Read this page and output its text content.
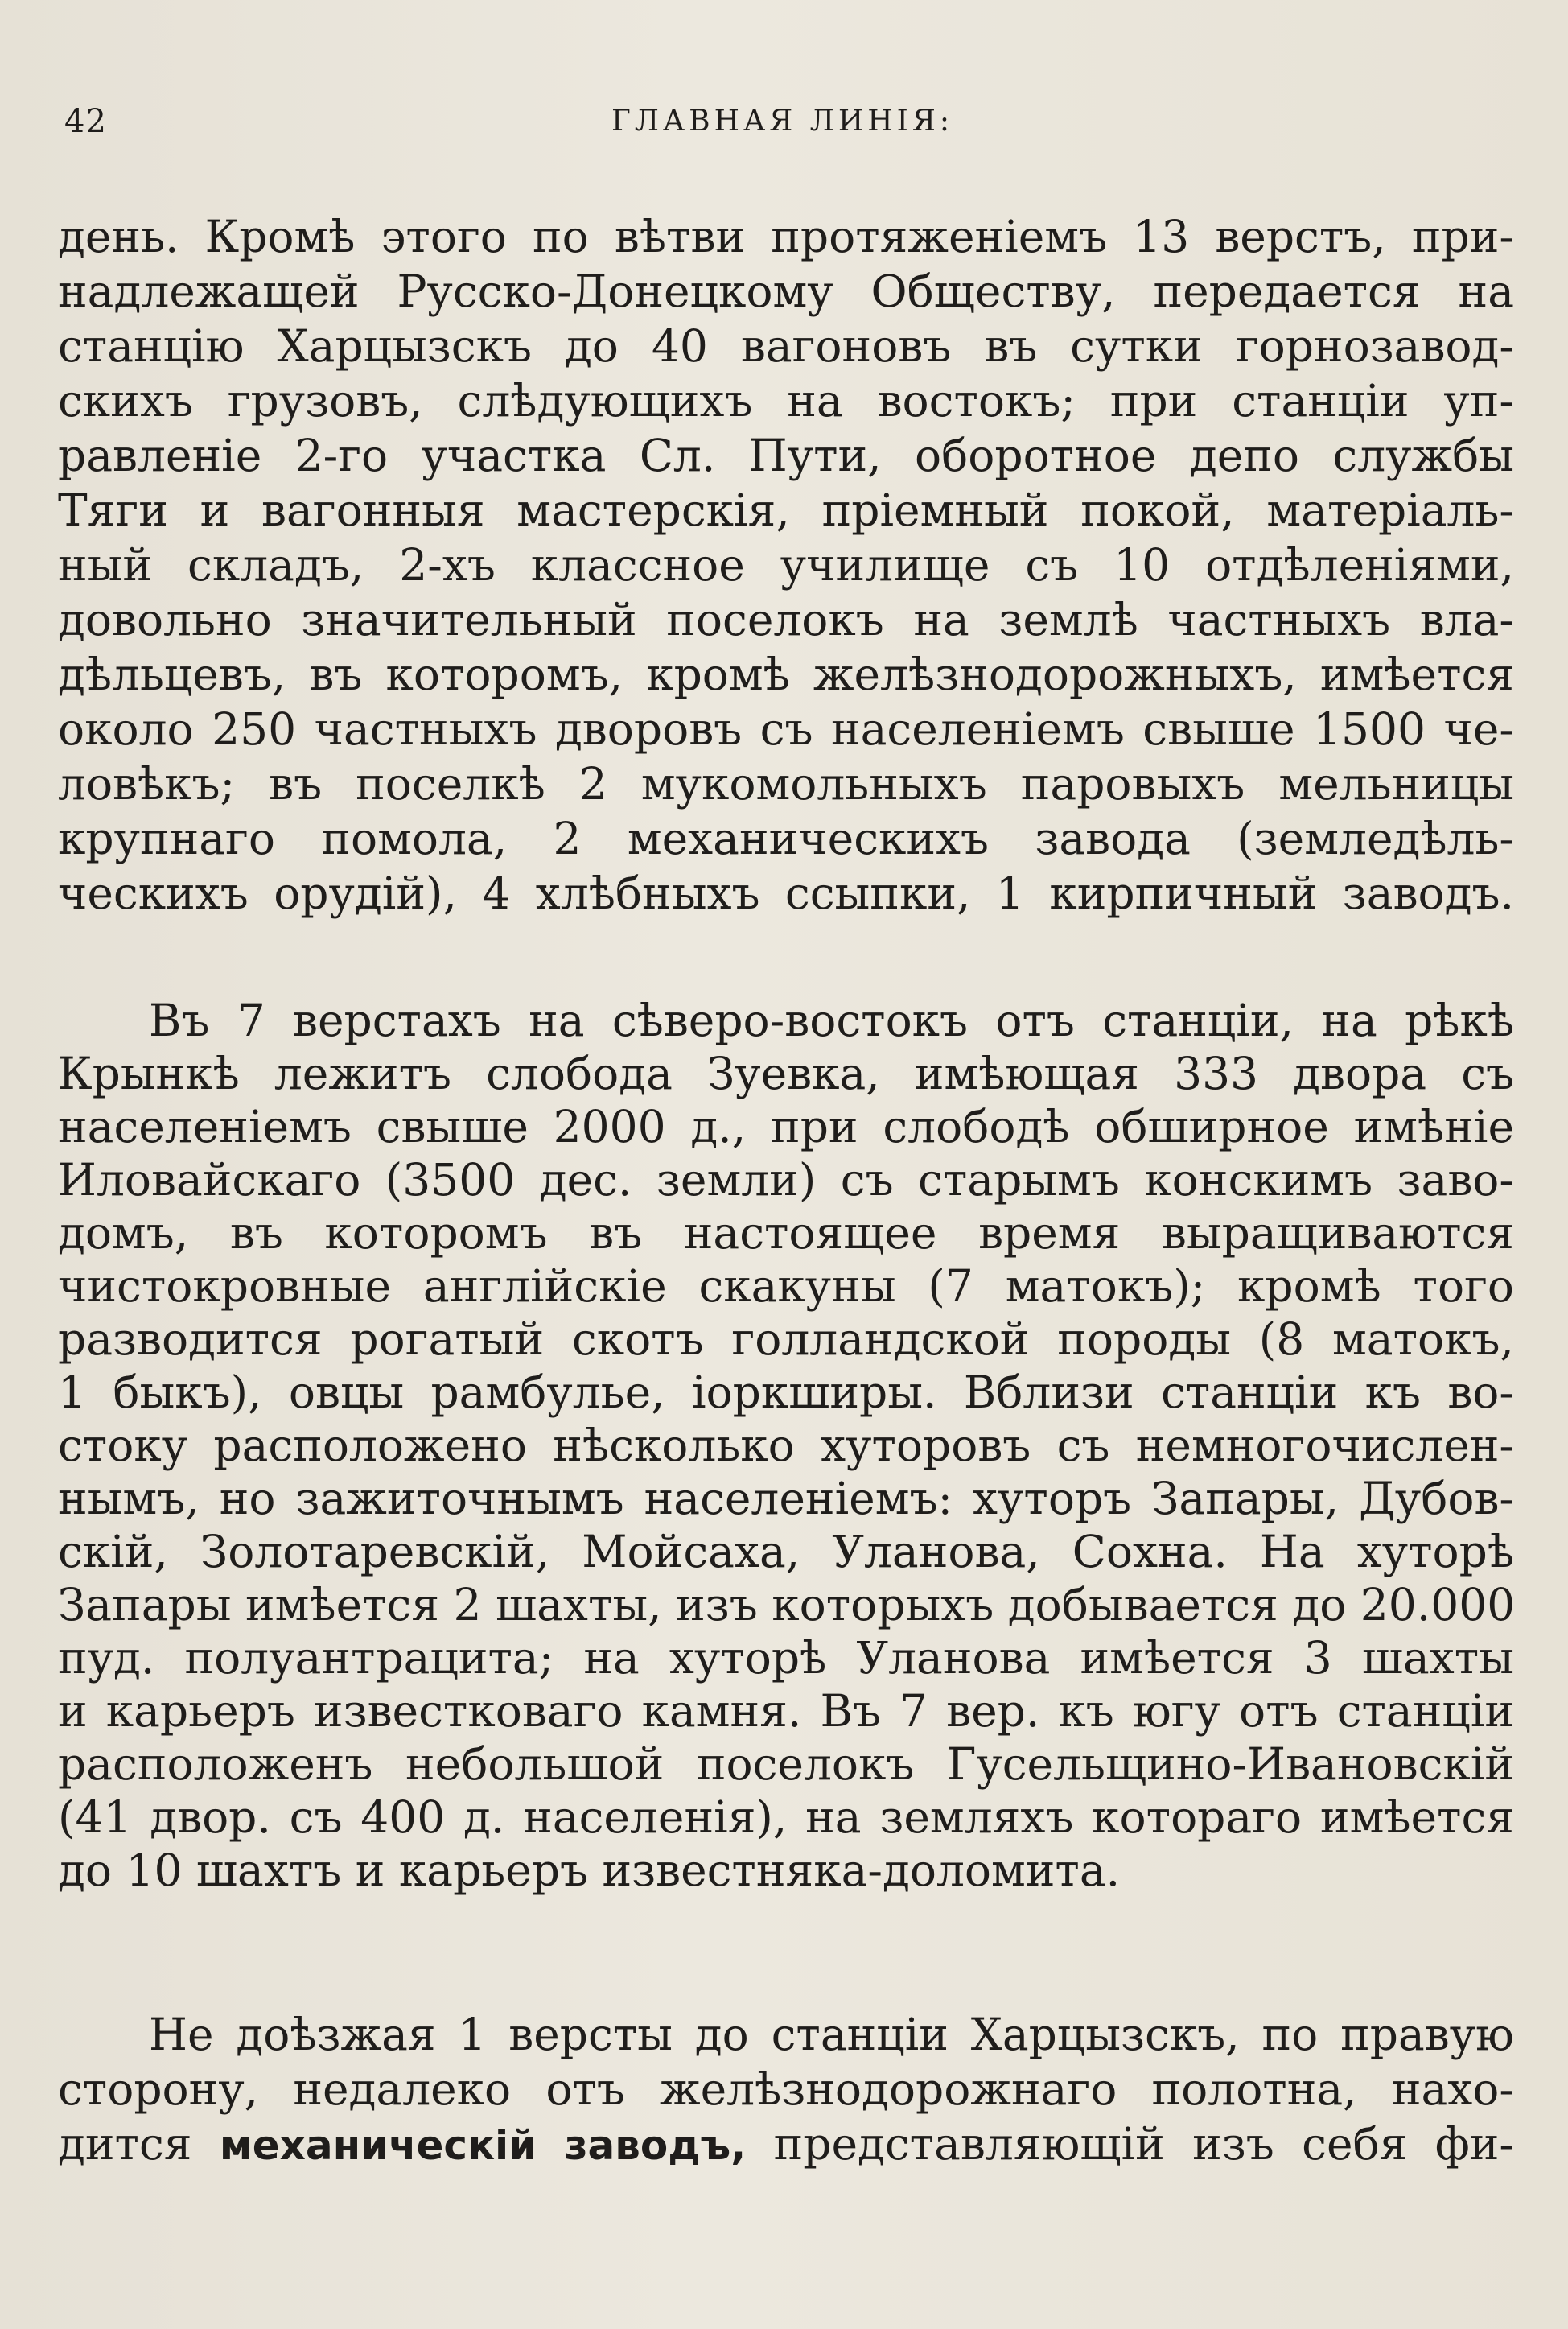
42	ГЛАВНАЯ ЛИНІЯ:
день. Кромѣ этого по вѣтви протяженіемъ 13 верстъ, при-
надлежащей Русско-Донецкому Обществу, передается на
станцію Харцызскъ до 40 вагоновъ въ сутки горнозавод-
скихъ грузовъ, слѣдующихъ на востокъ; при станціи уп-
равленіе 2-го участка Сл. Пути, оборотное депо службы
Тяги и вагонныя мастерскія, пріемный покой, матеріаль-
ный складъ, 2-хъ классное училище съ 10 отдѣленіями,
довольно значительный поселокъ на землѣ частныхъ вла-
дѣльцевъ, въ которомъ, кромѣ желѣзнодорожныхъ, имѣется
около 250 частныхъ дворовъ съ населеніемъ свыше 1500 че-
ловѣкъ; въ поселкѣ 2 мукомольныхъ паровыхъ мельницы
крупнаго помола, 2 механическихъ завода (земледѣль-
ческихъ орудій), 4 хлѣбныхъ ссыпки, 1 кирпичный заводъ.
Въ 7 верстахъ на сѣверо-востокъ отъ станціи, на рѣкѣ
Крынкѣ лежитъ слобода Зуевка, имѣющая 333 двора съ
населеніемъ свыше 2000 д., при слободѣ обширное имѣніе
Иловайскаго (3500 дес. земли) съ старымъ конскимъ заво-
домъ, въ которомъ въ настоящее время выращиваются
чистокровные англійскіе скакуны (7 матокъ); кромѣ того
разводится рогатый скотъ голландской породы (8 матокъ,
1 быкъ), овцы рамбулье, іоркширы. Вблизи станціи къ во-
стоку расположено нѣсколько хуторовъ съ немногочислен-
нымъ, но зажиточнымъ населеніемъ: хуторъ Запары, Дубов-
скій, Золотаревскій, Мойсаха, Уланова, Сохна. На хуторѣ
Запары имѣется 2 шахты, изъ которыхъ добывается до 20.000
пуд. полуантрацита; на хуторѣ Уланова имѣется 3 шахты
и карьеръ известковаго камня. Въ 7 вер. къ югу отъ станціи
расположенъ небольшой поселокъ Гусельщино-Ивановскій
(41 двор. съ 400 д. населенія), на земляхъ котораго имѣется
до 10 шахтъ и карьеръ известняка-доломита.
Не доѣзжая 1 версты до станціи Харцызскъ, по правую
сторону, недалеко отъ желѣзнодорожнаго полотна, нахо-
дится механическій заводъ, представляющій изъ себя фи-
